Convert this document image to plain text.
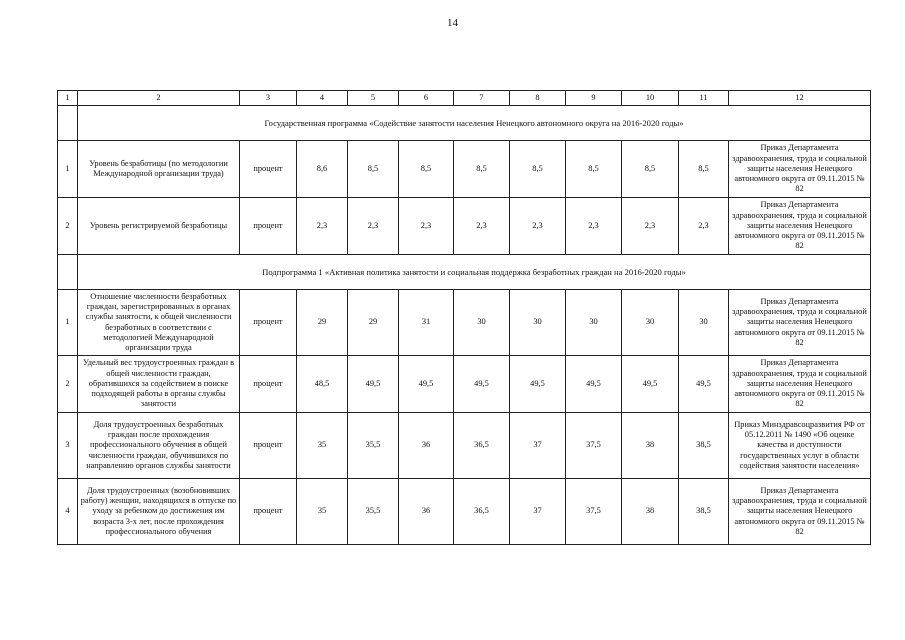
14
1	2	3	4	5	6	7	8	9	10	11	12
	Государственная программа «Содействие занятости населения Ненецкого автономного округа на 2016-2020 годы»										
1	Уровень безработицы (по методологии Международной организации труда)	процент	8,6	8,5	8,5	8,5	8,5	8,5	8,5	8,5	Приказ Департамента здравоохранения, труда и социальной защиты населения Ненецкого автономного округа от 09.11.2015 № 82
2	Уровень регистрируемой безработицы	процент	2,3	2,3	2,3	2,3	2,3	2,3	2,3	2,3	Приказ Департамента здравоохранения, труда и социальной защиты населения Ненецкого автономного округа от 09.11.2015 № 82
	Подпрограмма 1 «Активная политика занятости и социальная поддержка безработных граждан на 2016-2020 годы»										
1	Отношение численности безработных граждан, зарегистрированных в органах службы занятости, к общей численности безработных в соответствии с методологией Международной организации труда	процент	29	29	31	30	30	30	30	30	Приказ Департамента здравоохранения, труда и социальной защиты населения Ненецкого автономного округа от 09.11.2015 № 82
2	Удельный вес трудоустроенных граждан в общей численности граждан, обратившихся за содействием в поиске подходящей работы в органы службы занятости	процент	48,5	49,5	49,5	49,5	49,5	49,5	49,5	49,5	Приказ Департамента здравоохранения, труда и социальной защиты населения Ненецкого автономного округа от 09.11.2015 № 82
3	Доля трудоустроенных безработных граждан после прохождения профессионального обучения в общей численности граждан, обучившихся по направлению органов службы занятости	процент	35	35,5	36	36,5	37	37,5	38	38,5	Приказ Минздравсоцразвития РФ от 05.12.2011 № 1490 «Об оценке качества и доступности государственных услуг в области содействия занятости населения»
4	Доля трудоустроенных (возобновивших работу) женщин, находящихся в отпуске по уходу за ребенком до достижения им возраста 3-х лет, после прохождения профессионального обучения	процент	35	35,5	36	36,5	37	37,5	38	38,5	Приказ Департамента здравоохранения, труда и социальной защиты населения Ненецкого автономного округа от 09.11.2015 № 82
